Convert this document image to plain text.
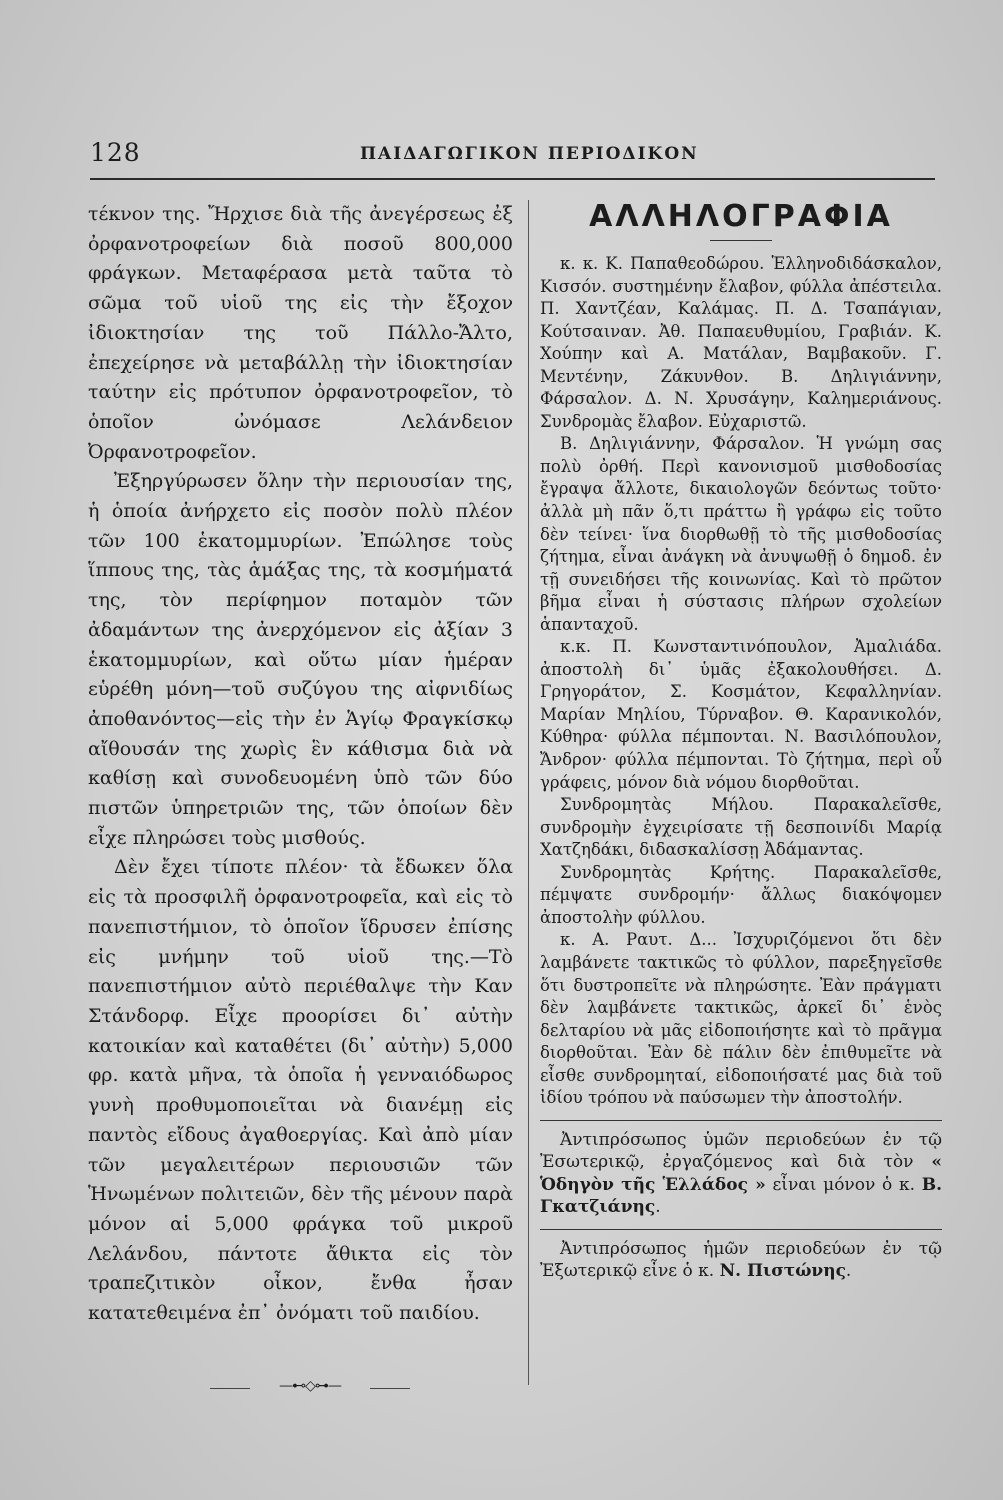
128	ΠΑΙΔΑΓΩΓΙΚΟΝ ΠΕΡΙΟΔΙΚΟΝ

τέκνον της. Ἤρχισε διὰ τῆς ἀνεγέρσεως ἐξ ὀρφανοτροφείων διὰ ποσοῦ 800,000 φράγκων. Μεταφέρασα μετὰ ταῦτα τὸ σῶμα τοῦ υἱοῦ της εἰς τὴν ἔξοχον ἰδιοκτησίαν της τοῦ Πάλλο-Ἄλτο, ἐπεχείρησε νὰ μεταβάλλῃ τὴν ἰδιοκτησίαν ταύτην εἰς πρότυπον ὀρφανοτροφεῖον, τὸ ὁποῖον ὠνόμασε Λελάνδειον Ὀρφανοτροφεῖον.

Ἐξηργύρωσεν ὅλην τὴν περιουσίαν της, ἡ ὁποία ἀνήρχετο εἰς ποσὸν πολὺ πλέον τῶν 100 ἑκατομμυρίων. Ἐπώλησε τοὺς ἵππους της, τὰς ἁμάξας της, τὰ κοσμήματά της, τὸν περίφημον ποταμὸν τῶν ἀδαμάντων της ἀνερχόμενον εἰς ἀξίαν 3 ἑκατομμυρίων, καὶ οὕτω μίαν ἡμέραν εὑρέθη μόνη—τοῦ συζύγου της αἰφνιδίως ἀποθανόντος—εἰς τὴν ἐν Ἁγίῳ Φραγκίσκῳ αἴθουσάν της χωρὶς ἓν κάθισμα διὰ νὰ καθίσῃ καὶ συνοδευομένη ὑπὸ τῶν δύο πιστῶν ὑπηρετριῶν της, τῶν ὁποίων δὲν εἶχε πληρώσει τοὺς μισθούς.

Δὲν ἔχει τίποτε πλέον· τὰ ἔδωκεν ὅλα εἰς τὰ προσφιλῆ ὀρφανοτροφεῖα, καὶ εἰς τὸ πανεπιστήμιον, τὸ ὁποῖον ἵδρυσεν ἐπίσης εἰς μνήμην τοῦ υἱοῦ της.—Τὸ πανεπιστήμιον αὐτὸ περιέθαλψε τὴν Καν Στάνδορφ. Εἶχε προορίσει δι᾽ αὐτὴν κατοικίαν καὶ καταθέτει (δι᾽ αὐτὴν) 5,000 φρ. κατὰ μῆνα, τὰ ὁποῖα ἡ γενναιόδωρος γυνὴ προθυμοποιεῖται νὰ διανέμῃ εἰς παντὸς εἴδους ἀγαθοεργίας. Καὶ ἀπὸ μίαν τῶν μεγαλειτέρων περιουσιῶν τῶν Ἡνωμένων πολιτειῶν, δὲν τῆς μένουν παρὰ μόνον αἱ 5,000 φράγκα τοῦ μικροῦ Λελάνδου, πάντοτε ἄθικτα εἰς τὸν τραπεζιτικὸν οἶκον, ἔνθα ἦσαν κατατεθειμένα ἐπ᾽ ὀνόματι τοῦ παιδίου.

—⊷◇⊶—
ΑΛΛΗΛΟΓΡΑΦΙΑ

κ. κ. Κ. Παπαθεοδώρου. Ἑλληνοδιδάσκαλον, Κισσόν. συστημένην ἔλαβον, φύλλα ἀπέστειλα. Π. Χαντζέαν, Καλάμας. Π. Δ. Τσαπάγιαν, Κούτσαιναν. Ἀθ. Παπαευθυμίου, Γραβιάν. Κ. Χούπην καὶ Α. Ματάλαν, Βαμβακοῦν. Γ. Μεντένην, Ζάκυνθον. Β. Δηλιγιάννην, Φάρσαλον. Δ. Ν. Χρυσάγην, Καλημεριάνους. Συνδρομὰς ἔλαβον. Εὐχαριστῶ.

Β. Δηλιγιάννην, Φάρσαλον. Ἡ γνώμη σας πολὺ ὀρθή. Περὶ κανονισμοῦ μισθοδοσίας ἔγραψα ἄλλοτε, δικαιολογῶν δεόντως τοῦτο· ἀλλὰ μὴ πᾶν ὅ,τι πράττω ἢ γράφω εἰς τοῦτο δὲν τείνει· ἵνα διορθωθῇ τὸ τῆς μισθοδοσίας ζήτημα, εἶναι ἀνάγκη νὰ ἀνυψωθῇ ὁ δημοδ. ἐν τῇ συνειδήσει τῆς κοινωνίας. Καὶ τὸ πρῶτον βῆμα εἶναι ἡ σύστασις πλήρων σχολείων ἁπανταχοῦ.

κ.κ. Π. Κωνσταντινόπουλον, Ἀμαλιάδα. ἀποστολὴ δι᾽ ὑμᾶς ἐξακολουθήσει. Δ. Γρηγοράτον, Σ. Κοσμάτον, Κεφαλληνίαν. Μαρίαν Μηλίου, Τύρναβον. Θ. Καρανικολόν, Κύθηρα· φύλλα πέμπονται. Ν. Βασιλόπουλον, Ἄνδρον· φύλλα πέμπονται. Τὸ ζήτημα, περὶ οὗ γράφεις, μόνον διὰ νόμου διορθοῦται.

Συνδρομητὰς Μήλου. Παρακαλεῖσθε, συνδρομὴν ἐγχειρίσατε τῇ δεσποινίδι Μαρίᾳ Χατζηδάκι, διδασκαλίσσῃ Ἀδάμαντας.

Συνδρομητὰς Κρήτης. Παρακαλεῖσθε, πέμψατε συνδρομήν· ἄλλως διακόψομεν ἀποστολὴν φύλλου.

κ. Α. Ραυτ. Δ... Ἰσχυριζόμενοι ὅτι δὲν λαμβάνετε τακτικῶς τὸ φύλλον, παρεξηγεῖσθε ὅτι δυστροπεῖτε νὰ πληρώσητε. Ἐὰν πράγματι δὲν λαμβάνετε τακτικῶς, ἀρκεῖ δι᾽ ἑνὸς δελταρίου νὰ μᾶς εἰδοποιήσητε καὶ τὸ πρᾶγμα διορθοῦται. Ἐὰν δὲ πάλιν δὲν ἐπιθυμεῖτε νὰ εἶσθε συνδρομηταί, εἰδοποιήσατέ μας διὰ τοῦ ἰδίου τρόπου νὰ παύσωμεν τὴν ἀποστολήν.

Ἀντιπρόσωπος ὑμῶν περιοδεύων ἐν τῷ Ἐσωτερικῷ, ἐργαζόμενος καὶ διὰ τὸν « Ὁδηγὸν τῆς Ἑλλάδος » εἶναι μόνον ὁ κ. Β. Γκατζιάνης.

Ἀντιπρόσωπος ἡμῶν περιοδεύων ἐν τῷ Ἐξωτερικῷ εἶνε ὁ κ. Ν. Πιστώνης.
